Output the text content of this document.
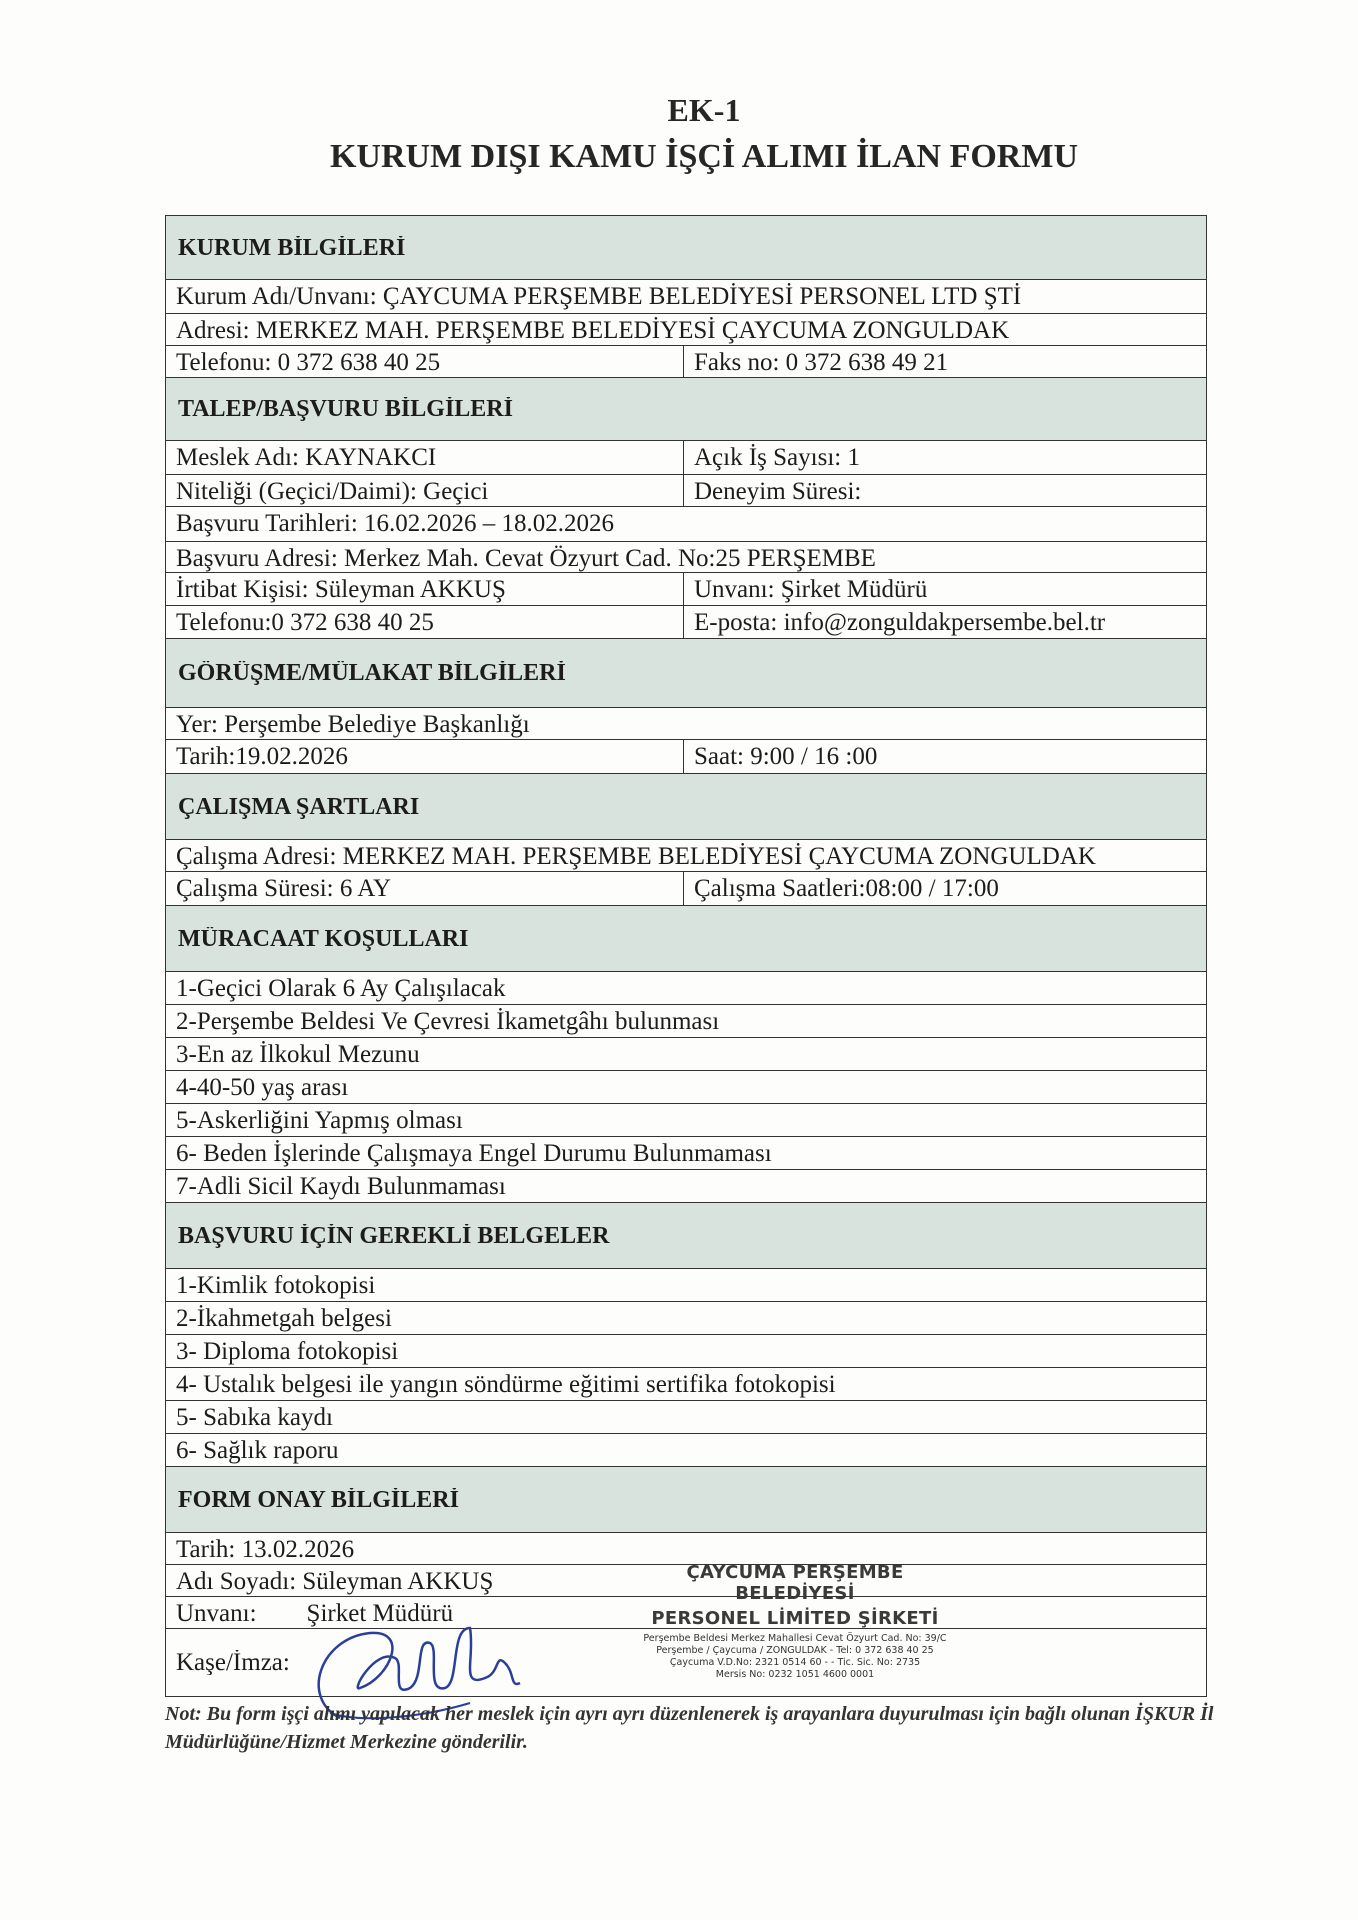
EK-1
KURUM DIŞI KAMU İŞÇİ ALIMI İLAN FORMU
KURUM BİLGİLERİ
Kurum Adı/Unvanı: ÇAYCUMA PERŞEMBE BELEDİYESİ PERSONEL LTD ŞTİ
Adresi: MERKEZ MAH. PERŞEMBE BELEDİYESİ ÇAYCUMA ZONGULDAK
Telefonu: 0 372 638 40 25	Faks no: 0 372 638 49 21
TALEP/BAŞVURU BİLGİLERİ
Meslek Adı: KAYNAKCI	Açık İş Sayısı: 1
Niteliği (Geçici/Daimi): Geçici	Deneyim Süresi:
Başvuru Tarihleri: 16.02.2026 – 18.02.2026
Başvuru Adresi: Merkez Mah. Cevat Özyurt Cad. No:25 PERŞEMBE
İrtibat Kişisi: Süleyman AKKUŞ	Unvanı: Şirket Müdürü
Telefonu:0 372 638 40 25	E-posta: info@zonguldakpersembe.bel.tr
GÖRÜŞME/MÜLAKAT BİLGİLERİ
Yer: Perşembe Belediye Başkanlığı
Tarih:19.02.2026	Saat: 9:00 / 16 :00
ÇALIŞMA ŞARTLARI
Çalışma Adresi: MERKEZ MAH. PERŞEMBE BELEDİYESİ ÇAYCUMA ZONGULDAK
Çalışma Süresi: 6 AY	Çalışma Saatleri:08:00 / 17:00
MÜRACAAT KOŞULLARI
1-Geçici Olarak 6 Ay Çalışılacak
2-Perşembe Beldesi Ve Çevresi İkametgâhı bulunması
3-En az İlkokul Mezunu
4-40-50 yaş arası
5-Askerliğini Yapmış olması
6- Beden İşlerinde Çalışmaya Engel Durumu Bulunmaması
7-Adli Sicil Kaydı Bulunmaması
BAŞVURU İÇİN GEREKLİ BELGELER
1-Kimlik fotokopisi
2-İkahmetgah belgesi
3- Diploma fotokopisi
4- Ustalık belgesi ile yangın söndürme eğitimi sertifika fotokopisi
5- Sabıka kaydı
6- Sağlık raporu
FORM ONAY BİLGİLERİ
Tarih: 13.02.2026
Adı Soyadı: Süleyman AKKUŞ
Unvanı: Şirket Müdürü
Kaşe/İmza:
ÇAYCUMA PERŞEMBE BELEDİYESİ
PERSONEL LİMİTED ŞİRKETİ
Perşembe Beldesi Merkez Mahallesi Cevat Özyurt Cad. No: 39/C
Perşembe / Çaycuma / ZONGULDAK - Tel: 0 372 638 40 25
Çaycuma V.D.No: 2321 0514 60 - - Tic. Sic. No: 2735
Mersis No: 0232 1051 4600 0001
Not: Bu form işçi alımı yapılacak her meslek için ayrı ayrı düzenlenerek iş arayanlara duyurulması için bağlı olunan İŞKUR İl Müdürlüğüne/Hizmet Merkezine gönderilir.
